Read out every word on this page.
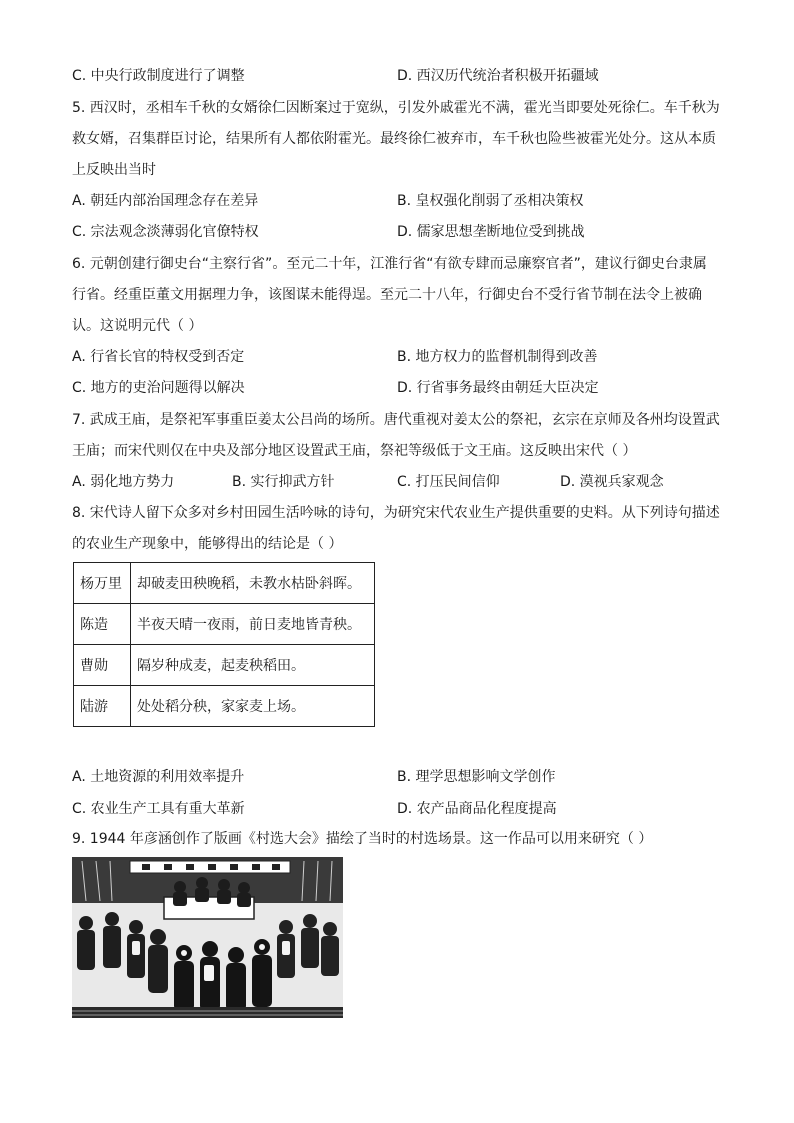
C. 中央行政制度进行了调整	D. 西汉历代统治者积极开拓疆域
5. 西汉时，丞相车千秋的女婿徐仁因断案过于宽纵，引发外戚霍光不满，霍光当即要处死徐仁。车千秋为
救女婿，召集群臣讨论，结果所有人都依附霍光。最终徐仁被弃市，车千秋也险些被霍光处分。这从本质
上反映出当时
A. 朝廷内部治国理念存在差异	B. 皇权强化削弱了丞相决策权
C. 宗法观念淡薄弱化官僚特权	D. 儒家思想垄断地位受到挑战
6. 元朝创建行御史台“主察行省”。至元二十年，江淮行省“有欲专肆而忌廉察官者”，建议行御史台隶属
行省。经重臣董文用据理力争，该图谋未能得逞。至元二十八年，行御史台不受行省节制在法令上被确
认。这说明元代（ ）
A. 行省长官的特权受到否定	B. 地方权力的监督机制得到改善
C. 地方的吏治问题得以解决	D. 行省事务最终由朝廷大臣决定
7. 武成王庙，是祭祀军事重臣姜太公吕尚的场所。唐代重视对姜太公的祭祀，玄宗在京师及各州均设置武
王庙；而宋代则仅在中央及部分地区设置武王庙，祭祀等级低于文王庙。这反映出宋代（ ）
A. 弱化地方势力	B. 实行抑武方针	C. 打压民间信仰	D. 漠视兵家观念
8. 宋代诗人留下众多对乡村田园生活吟咏的诗句，为研究宋代农业生产提供重要的史料。从下列诗句描述
的农业生产现象中，能够得出的结论是（ ）
杨万里	却破麦田秧晚稻，未教水枯卧斜晖。
陈造	半夜天晴一夜雨，前日麦地皆青秧。
曹勋	隔岁种成麦，起麦秧稻田。
陆游	处处稻分秧，家家麦上场。
A. 土地资源的利用效率提升	B. 理学思想影响文学创作
C. 农业生产工具有重大革新	D. 农产品商品化程度提高
9. 1944 年彦涵创作了版画《村选大会》描绘了当时的村选场景。这一作品可以用来研究（ ）
